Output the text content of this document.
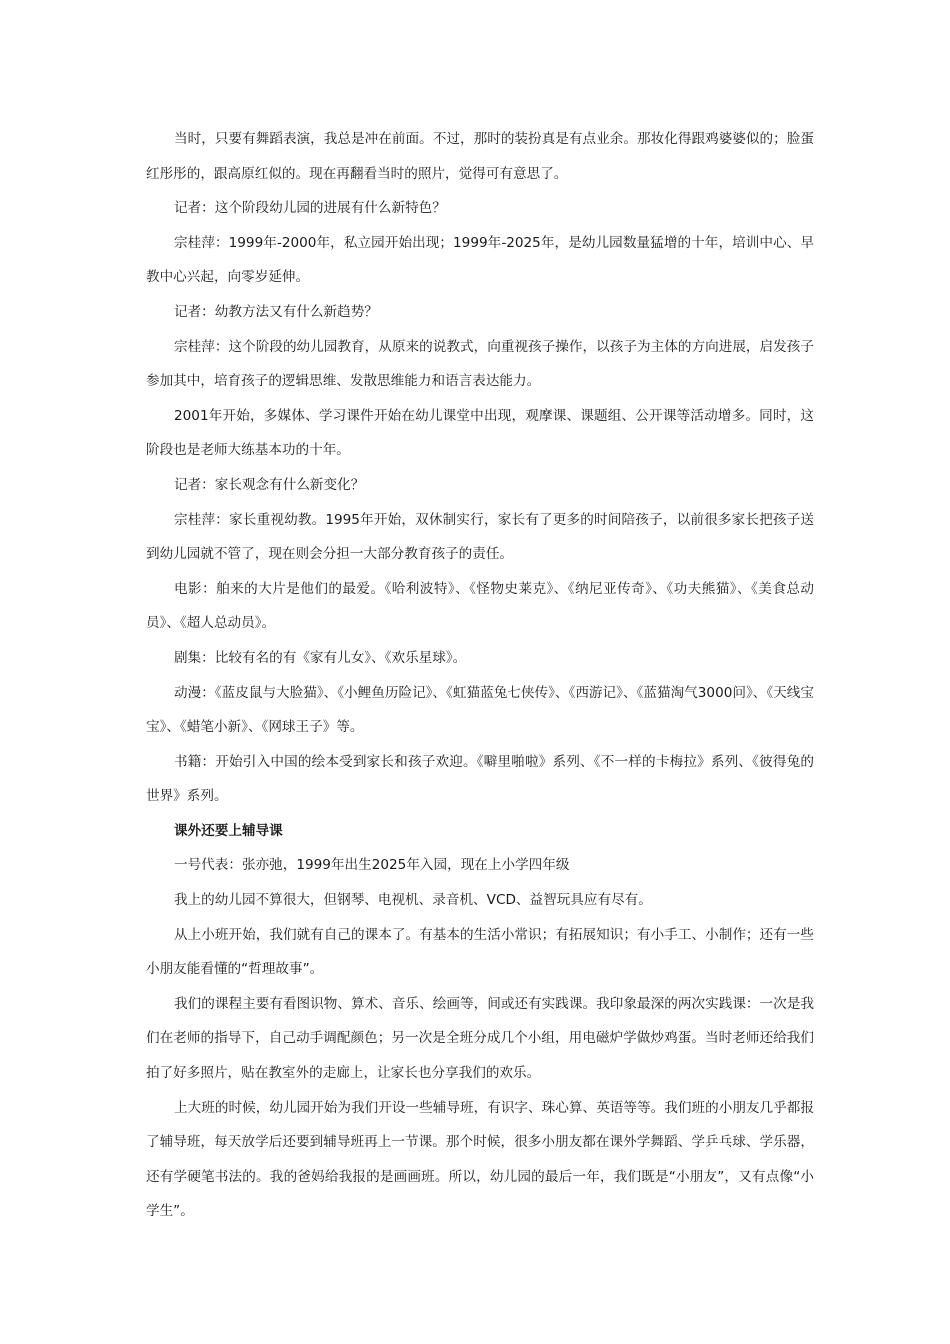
当时，只要有舞蹈表演，我总是冲在前面。不过，那时的装扮真是有点业余。那妆化得跟鸡婆婆似的；脸蛋红彤彤的，跟高原红似的。现在再翻看当时的照片，觉得可有意思了。

记者：这个阶段幼儿园的进展有什么新特色？

宗桂萍：1999年-2000年，私立园开始出现；1999年-2025年，是幼儿园数量猛增的十年，培训中心、早教中心兴起，向零岁延伸。

记者：幼教方法又有什么新趋势？

宗桂萍：这个阶段的幼儿园教育，从原来的说教式，向重视孩子操作，以孩子为主体的方向进展，启发孩子参加其中，培育孩子的逻辑思维、发散思维能力和语言表达能力。

2001年开始，多媒体、学习课件开始在幼儿课堂中出现，观摩课、课题组、公开课等活动增多。同时，这阶段也是老师大练基本功的十年。

记者：家长观念有什么新变化？

宗桂萍：家长重视幼教。1995年开始，双休制实行，家长有了更多的时间陪孩子，以前很多家长把孩子送到幼儿园就不管了，现在则会分担一大部分教育孩子的责任。

电影：舶来的大片是他们的最爱。《哈利波特》、《怪物史莱克》、《纳尼亚传奇》、《功夫熊猫》、《美食总动员》、《超人总动员》。

剧集：比较有名的有《家有儿女》、《欢乐星球》。

动漫：《蓝皮鼠与大脸猫》、《小鲤鱼历险记》、《虹猫蓝兔七侠传》、《西游记》、《蓝猫淘气3000问》、《天线宝宝》、《蜡笔小新》、《网球王子》等。

书籍：开始引入中国的绘本受到家长和孩子欢迎。《噼里啪啦》系列、《不一样的卡梅拉》系列、《彼得兔的世界》系列。

课外还要上辅导课

一号代表：张亦弛，1999年出生2025年入园，现在上小学四年级

我上的幼儿园不算很大，但钢琴、电视机、录音机、VCD、益智玩具应有尽有。

从上小班开始，我们就有自己的课本了。有基本的生活小常识；有拓展知识；有小手工、小制作；还有一些小朋友能看懂的“哲理故事”。

我们的课程主要有看图识物、算术、音乐、绘画等，间或还有实践课。我印象最深的两次实践课：一次是我们在老师的指导下，自己动手调配颜色；另一次是全班分成几个小组，用电磁炉学做炒鸡蛋。当时老师还给我们拍了好多照片，贴在教室外的走廊上，让家长也分享我们的欢乐。

上大班的时候，幼儿园开始为我们开设一些辅导班，有识字、珠心算、英语等等。我们班的小朋友几乎都报了辅导班，每天放学后还要到辅导班再上一节课。那个时候，很多小朋友都在课外学舞蹈、学乒乓球、学乐器，还有学硬笔书法的。我的爸妈给我报的是画画班。所以，幼儿园的最后一年，我们既是“小朋友”，又有点像“小学生”。
